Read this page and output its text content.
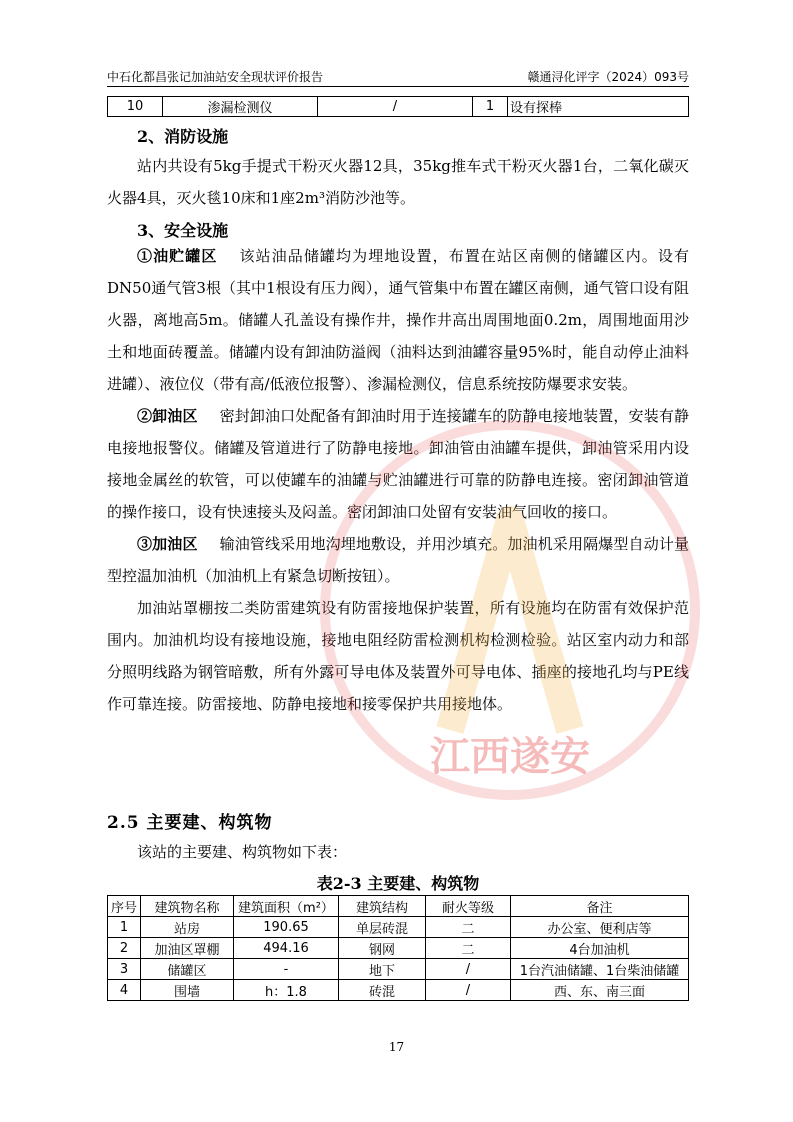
中石化都昌张记加油站安全现状评价报告	赣通浔化评字（2024）093号
10	渗漏检测仪	/	1	设有探棒
2、消防设施

站内共设有5kg手提式干粉灭火器12具，35kg推车式干粉灭火器1台，二氧化碳灭火器4具，灭火毯10床和1座2m³消防沙池等。

3、安全设施

①油贮罐区 该站油品储罐均为埋地设置，布置在站区南侧的储罐区内。设有DN50通气管3根（其中1根设有压力阀），通气管集中布置在罐区南侧，通气管口设有阻火器，离地高5m。储罐人孔盖设有操作井，操作井高出周围地面0.2m，周围地面用沙土和地面砖覆盖。储罐内设有卸油防溢阀（油料达到油罐容量95%时，能自动停止油料进罐）、液位仪（带有高/低液位报警）、渗漏检测仪，信息系统按防爆要求安装。

②卸油区 密封卸油口处配备有卸油时用于连接罐车的防静电接地装置，安装有静电接地报警仪。储罐及管道进行了防静电接地。卸油管由油罐车提供，卸油管采用内设接地金属丝的软管，可以使罐车的油罐与贮油罐进行可靠的防静电连接。密闭卸油管道的操作接口，设有快速接头及闷盖。密闭卸油口处留有安装油气回收的接口。

③加油区 输油管线采用地沟埋地敷设，并用沙填充。加油机采用隔爆型自动计量型控温加油机（加油机上有紧急切断按钮）。

加油站罩棚按二类防雷建筑设有防雷接地保护装置，所有设施均在防雷有效保护范围内。加油机均设有接地设施，接地电阻经防雷检测机构检测检验。站区室内动力和部分照明线路为钢管暗敷，所有外露可导电体及装置外可导电体、插座的接地孔均与PE线作可靠连接。防雷接地、防静电接地和接零保护共用接地体。

2.5 主要建、构筑物

该站的主要建、构筑物如下表：

表2-3 主要建、构筑物
序号	建筑物名称	建筑面积（m²）	建筑结构	耐火等级	备注
1	站房	190.65	单层砖混	二	办公室、便利店等
2	加油区罩棚	494.16	钢网	二	4台加油机
3	储罐区	-	地下	/	1台汽油储罐、1台柴油储罐
4	围墙	h：1.8	砖混	/	西、东、南三面
江西遂安
17
